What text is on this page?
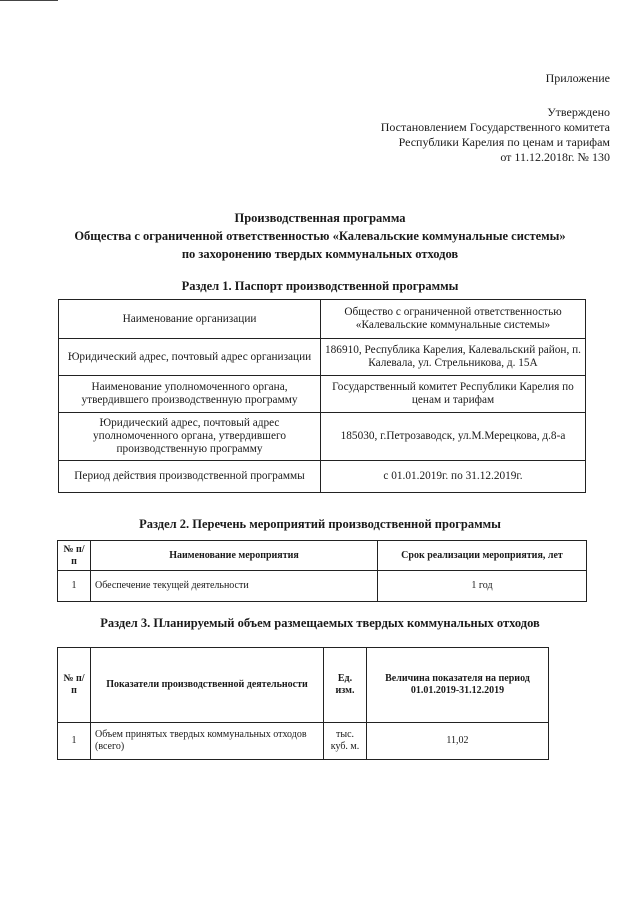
Приложение
Утверждено
Постановлением Государственного комитета
Республики Карелия по ценам и тарифам
от 11.12.2018г. № 130
Производственная программа
Общества с ограниченной ответственностью «Калевальские коммунальные системы»
по захоронению твердых коммунальных отходов
Раздел 1. Паспорт производственной программы
Наименование организации	Общество с ограниченной ответственностью «Калевальские коммунальные системы»
Юридический адрес, почтовый адрес организации	186910, Республика Карелия, Калевальский район, п. Калевала, ул. Стрельникова, д. 15А
Наименование уполномоченного органа, утвердившего производственную программу	Государственный комитет Республики Карелия по ценам и тарифам
Юридический адрес, почтовый адрес уполномоченного органа, утвердившего производственную программу	185030, г.Петрозаводск, ул.М.Мерецкова, д.8-а
Период действия производственной программы	с 01.01.2019г. по 31.12.2019г.
Раздел 2. Перечень мероприятий производственной программы
№ п/п	Наименование мероприятия	Срок реализации мероприятия, лет
1	Обеспечение текущей деятельности	1 год
Раздел 3. Планируемый объем размещаемых твердых коммунальных отходов
№ п/п	Показатели производственной деятельности	Ед. изм.	Величина показателя на период 01.01.2019-31.12.2019
1	Объем принятых твердых коммунальных отходов (всего)	тыс. куб. м.	11,02
